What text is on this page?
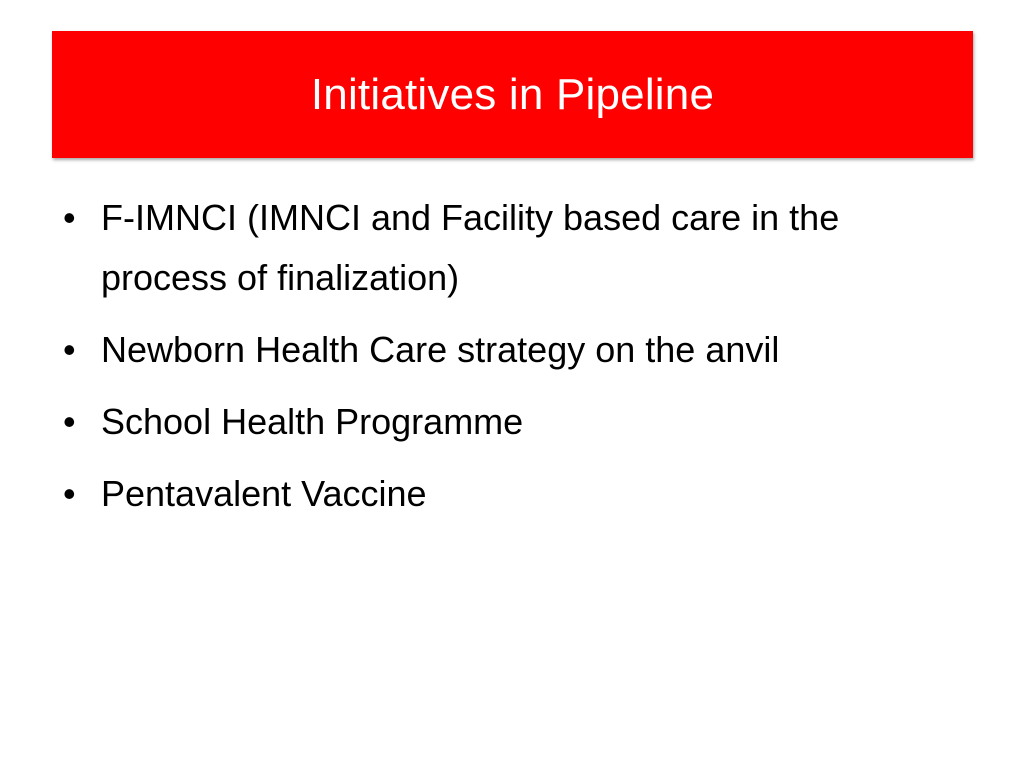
Initiatives in Pipeline
• F-IMNCI (IMNCI and Facility based care in the process of finalization)
• Newborn Health Care strategy on the anvil
• School Health Programme
• Pentavalent Vaccine
